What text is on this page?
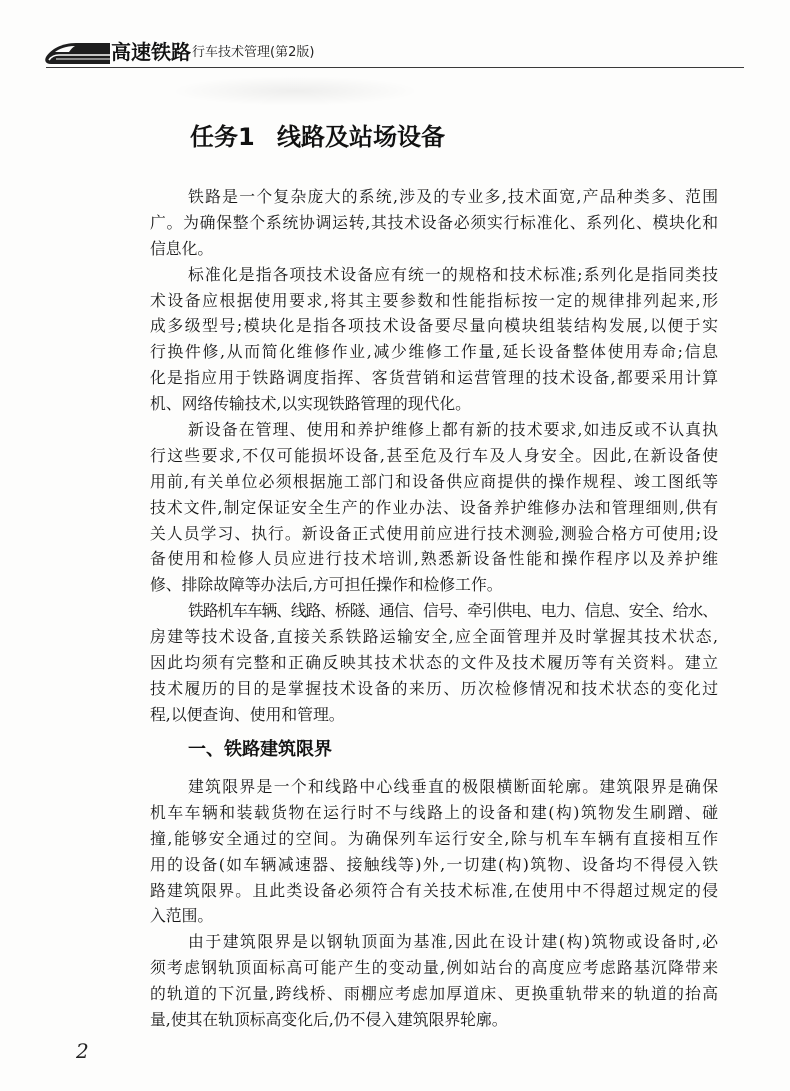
高速铁路 行车技术管理(第2版)
任务1 线路及站场设备
铁路是一个复杂庞大的系统,涉及的专业多,技术面宽,产品种类多、范围
广。为确保整个系统协调运转,其技术设备必须实行标准化、系列化、模块化和
信息化。
标准化是指各项技术设备应有统一的规格和技术标准;系列化是指同类技
术设备应根据使用要求,将其主要参数和性能指标按一定的规律排列起来,形
成多级型号;模块化是指各项技术设备要尽量向模块组装结构发展,以便于实
行换件修,从而简化维修作业,减少维修工作量,延长设备整体使用寿命;信息
化是指应用于铁路调度指挥、客货营销和运营管理的技术设备,都要采用计算
机、网络传输技术,以实现铁路管理的现代化。
新设备在管理、使用和养护维修上都有新的技术要求,如违反或不认真执
行这些要求,不仅可能损坏设备,甚至危及行车及人身安全。因此,在新设备使
用前,有关单位必须根据施工部门和设备供应商提供的操作规程、竣工图纸等
技术文件,制定保证安全生产的作业办法、设备养护维修办法和管理细则,供有
关人员学习、执行。新设备正式使用前应进行技术测验,测验合格方可使用;设
备使用和检修人员应进行技术培训,熟悉新设备性能和操作程序以及养护维
修、排除故障等办法后,方可担任操作和检修工作。
铁路机车车辆、线路、桥隧、通信、信号、牵引供电、电力、信息、安全、给水、
房建等技术设备,直接关系铁路运输安全,应全面管理并及时掌握其技术状态,
因此均须有完整和正确反映其技术状态的文件及技术履历等有关资料。建立
技术履历的目的是掌握技术设备的来历、历次检修情况和技术状态的变化过
程,以便查询、使用和管理。
一、铁路建筑限界
建筑限界是一个和线路中心线垂直的极限横断面轮廓。建筑限界是确保
机车车辆和装载货物在运行时不与线路上的设备和建(构)筑物发生刷蹭、碰
撞,能够安全通过的空间。为确保列车运行安全,除与机车车辆有直接相互作
用的设备(如车辆减速器、接触线等)外,一切建(构)筑物、设备均不得侵入铁
路建筑限界。且此类设备必须符合有关技术标准,在使用中不得超过规定的侵
入范围。
由于建筑限界是以钢轨顶面为基准,因此在设计建(构)筑物或设备时,必
须考虑钢轨顶面标高可能产生的变动量,例如站台的高度应考虑路基沉降带来
的轨道的下沉量,跨线桥、雨棚应考虑加厚道床、更换重轨带来的轨道的抬高
量,使其在轨顶标高变化后,仍不侵入建筑限界轮廓。
2
